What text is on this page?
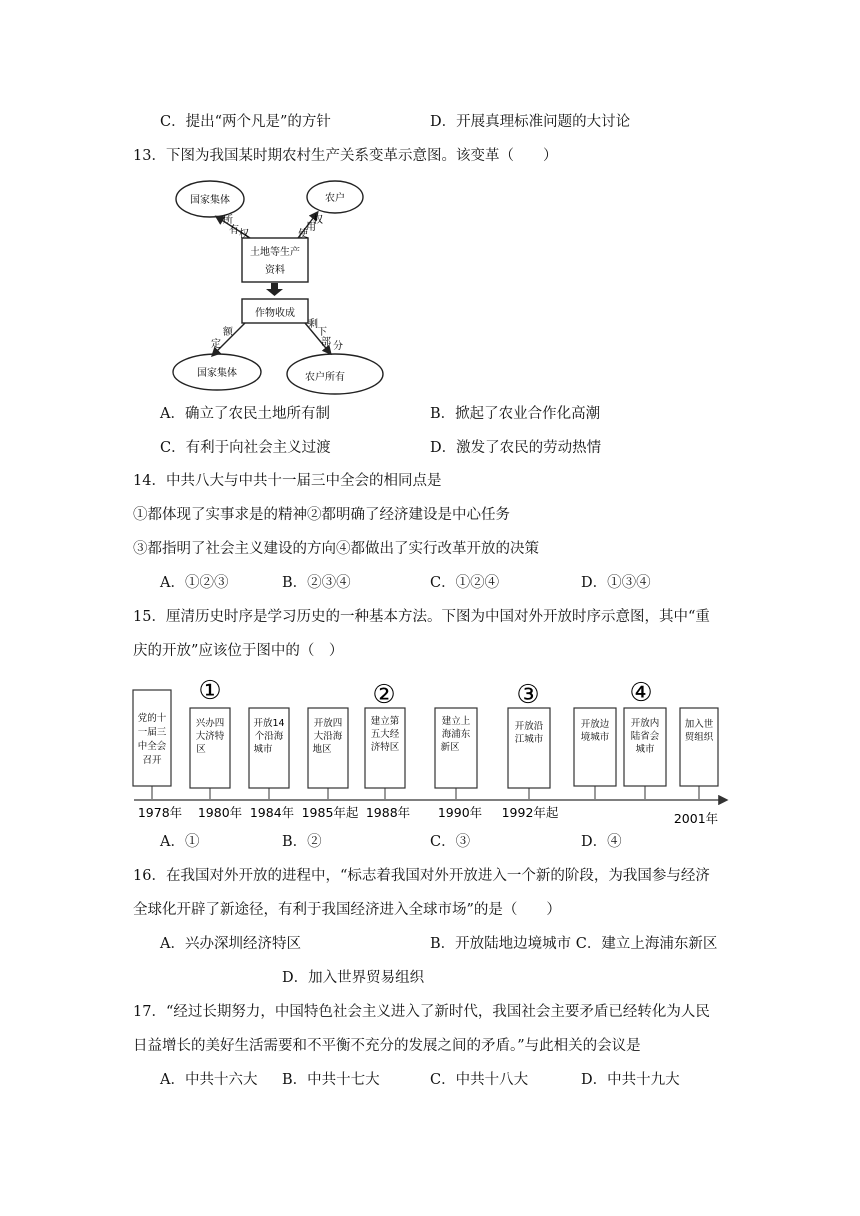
C．提出“两个凡是”的方针	D．开展真理标准问题的大讨论
13．下图为我国某时期农村生产关系变革示意图。该变革（　　）
国家集体	农户
土地等生产
资料
所
有 权
权
用
使
作物收成
额
定
剩
下
部 分
国家集体	农户所有
A．确立了农民土地所有制	B．掀起了农业合作化高潮
C．有利于向社会主义过渡	D．激发了农民的劳动热情
14．中共八大与中共十一届三中全会的相同点是
①都体现了实事求是的精神②都明确了经济建设是中心任务
③都指明了社会主义建设的方向④都做出了实行改革开放的决策
A．①②③	B．②③④	C．①②④	D．①③④
15．厘清历史时序是学习历史的一种基本方法。下图为中国对外开放时序示意图，其中“重
庆的开放”应该位于图中的（　）
①	②	③	④
党的十
一届三
中全会
召开
兴办四
大济特
区
开放14
个沿海
城市
开放四
大沿海
地区
建立第
五大经
济特区
建立上
海浦东
新区
开放沿
江城市
开放边
境城市
开放内
陆省会
城市
加入世
贸组织
1978年 1980年 1984年 1985年起 1988年 1990年 1992年起	2001年
A．①	B．②	C．③	D．④
16．在我国对外开放的进程中，“标志着我国对外开放进入一个新的阶段，为我国参与经济
全球化开辟了新途径，有利于我国经济进入全球市场”的是（　　）
A．兴办深圳经济特区	B．开放陆地边境城市 C．建立上海浦东新区
D．加入世界贸易组织
17．“经过长期努力，中国特色社会主义进入了新时代，我国社会主要矛盾已经转化为人民
日益增长的美好生活需要和不平衡不充分的发展之间的矛盾。”与此相关的会议是
A．中共十六大 B．中共十七大	C．中共十八大	D．中共十九大
